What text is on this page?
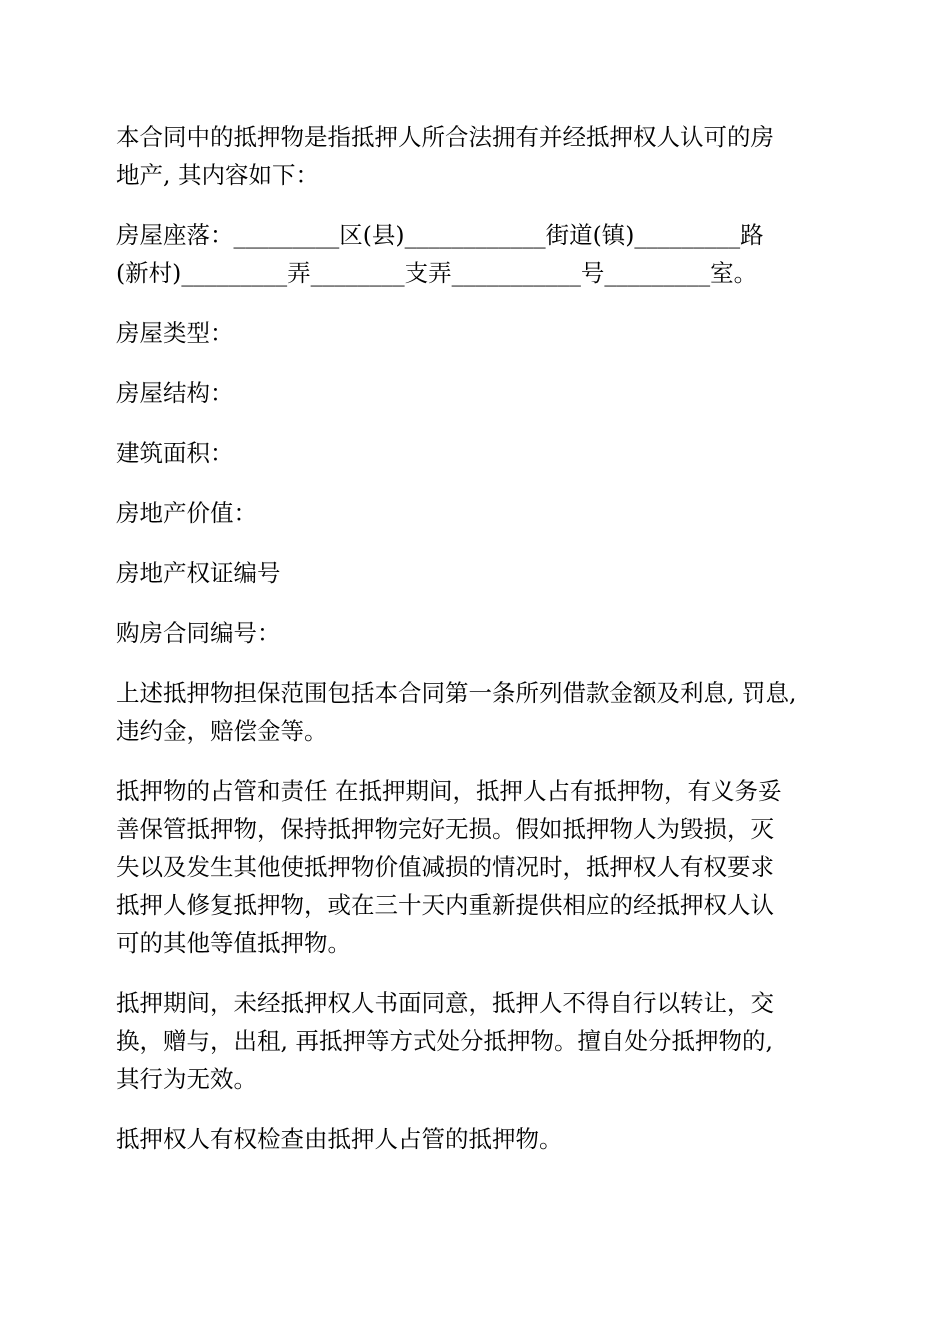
本合同中的抵押物是指抵押人所合法拥有并经抵押权人认可的房
地产, 其内容如下：

房屋座落：_________区(县)____________街道(镇)_________路
(新村)_________弄________支弄___________号_________室。

房屋类型：

房屋结构：

建筑面积：

房地产价值：

房地产权证编号

购房合同编号：

上述抵押物担保范围包括本合同第一条所列借款金额及利息, 罚息,
违约金，赔偿金等。

抵押物的占管和责任 在抵押期间，抵押人占有抵押物，有义务妥
善保管抵押物，保持抵押物完好无损。假如抵押物人为毁损，灭
失以及发生其他使抵押物价值减损的情况时，抵押权人有权要求
抵押人修复抵押物，或在三十天内重新提供相应的经抵押权人认
可的其他等值抵押物。

抵押期间，未经抵押权人书面同意，抵押人不得自行以转让，交
换，赠与，出租, 再抵押等方式处分抵押物。擅自处分抵押物的,
其行为无效。

抵押权人有权检查由抵押人占管的抵押物。
